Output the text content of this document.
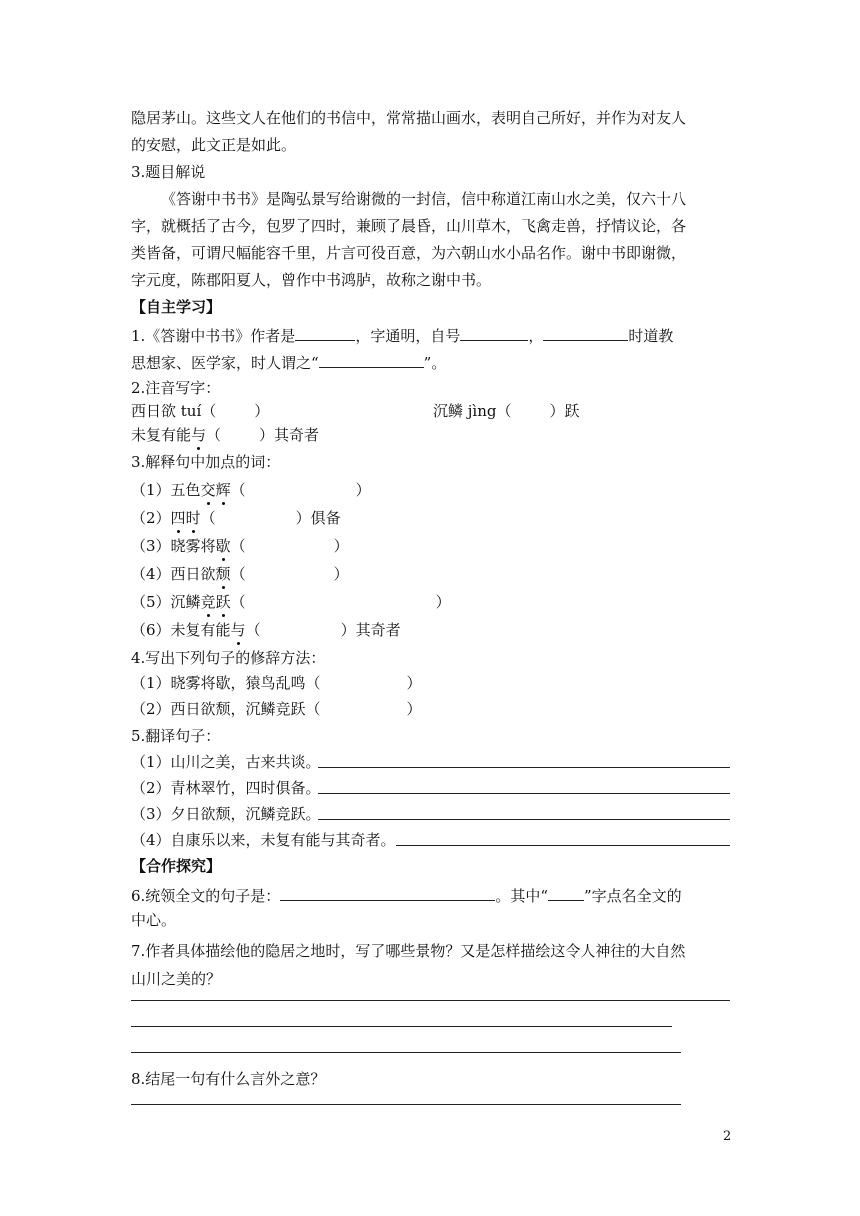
隐居茅山。这些文人在他们的书信中，常常描山画水，表明自己所好，并作为对友人
的安慰，此文正是如此。
3.题目解说
《答谢中书书》是陶弘景写给谢微的一封信，信中称道江南山水之美，仅六十八
字，就概括了古今，包罗了四时，兼顾了晨昏，山川草木，飞禽走兽，抒情议论，各
类皆备，可谓尺幅能容千里，片言可役百意，为六朝山水小品名作。谢中书即谢微，
字元度，陈郡阳夏人，曾作中书鸿胪，故称之谢中书。
【自主学习】
1.《答谢中书书》作者是	，字通明，自号	，	时道教
思想家、医学家，时人谓之“	”。
2.注音写字：
西日欲 tuí（	）	沉鳞 jìng（	）跃
未复有能与（	）其奇者
3.解释句中加点的词：
（1）五色交辉（	）
（2）四时（	）俱备
（3）晓雾将歇（	）
（4）西日欲颓（	）
（5）沉鳞竞跃（	）
（6）未复有能与（	）其奇者
4.写出下列句子的修辞方法：
（1）晓雾将歇，猿鸟乱鸣（	）
（2）西日欲颓，沉鳞竞跃（	）
5.翻译句子：
（1）山川之美，古来共谈。
（2）青林翠竹，四时俱备。
（3）夕日欲颓，沉鳞竞跃。
（4）自康乐以来，未复有能与其奇者。
【合作探究】
6.统领全文的句子是：	。其中“ ”字点名全文的
中心。
7.作者具体描绘他的隐居之地时，写了哪些景物？又是怎样描绘这令人神往的大自然
山川之美的？
8.结尾一句有什么言外之意？
2
